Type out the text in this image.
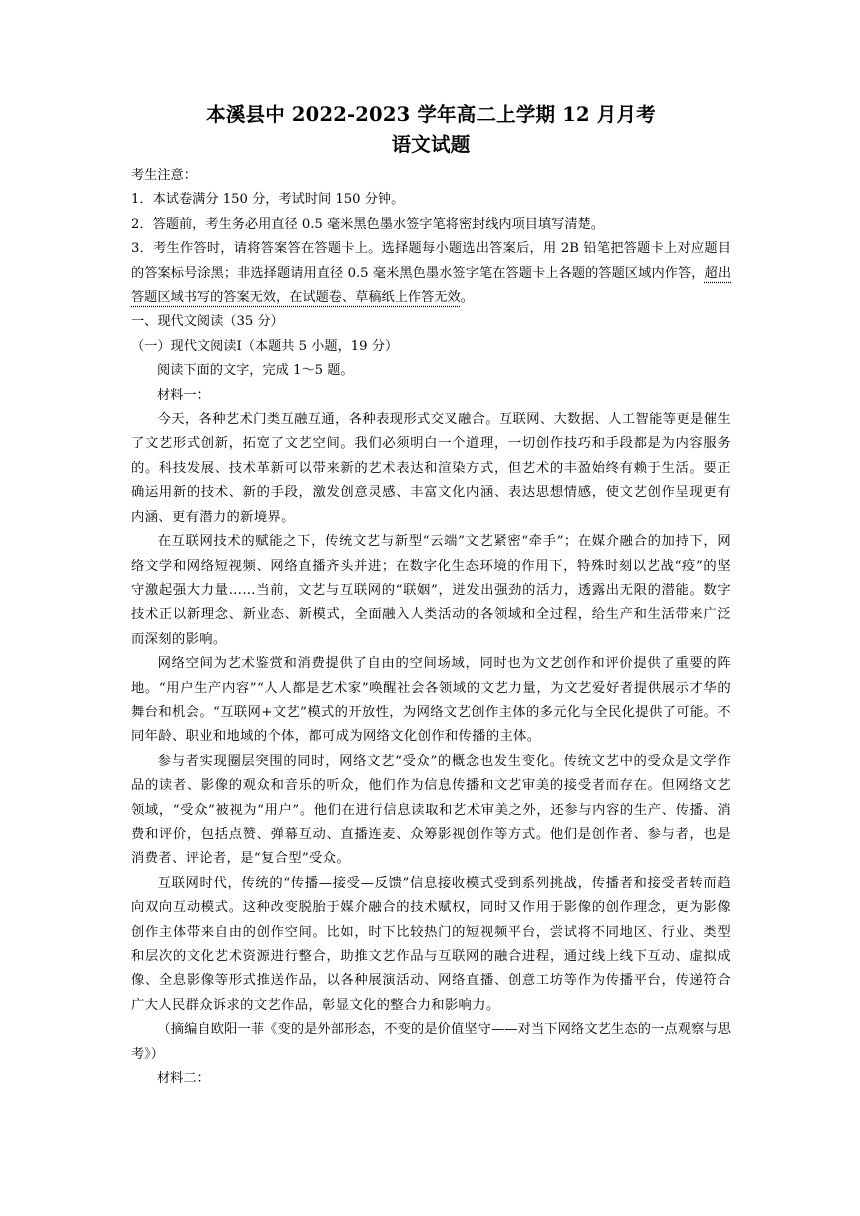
本溪县中 2022-2023 学年高二上学期 12 月月考
语文试题
考生注意：
1．本试卷满分 150 分，考试时间 150 分钟。
2．答题前，考生务必用直径 0.5 毫米黑色墨水签字笔将密封线内项目填写清楚。

3．考生作答时，请将答案答在答题卡上。选择题每小题选出答案后，用 2B 铅笔把答题卡上对应题目的答案标号涂黑；非选择题请用直径 0.5 毫米黑色墨水签字笔在答题卡上各题的答题区域内作答，超出答题区域书写的答案无效，在试题卷、草稿纸上作答无效。

一、现代文阅读（35 分）
（一）现代文阅读Ⅰ（本题共 5 小题，19 分）
阅读下面的文字，完成 1～5 题。
材料一：

今天，各种艺术门类互融互通，各种表现形式交叉融合。互联网、大数据、人工智能等更是催生了文艺形式创新，拓宽了文艺空间。我们必须明白一个道理，一切创作技巧和手段都是为内容服务的。科技发展、技术革新可以带来新的艺术表达和渲染方式，但艺术的丰盈始终有赖于生活。要正确运用新的技术、新的手段，激发创意灵感、丰富文化内涵、表达思想情感，使文艺创作呈现更有内涵、更有潜力的新境界。

在互联网技术的赋能之下，传统文艺与新型“云端”文艺紧密“牵手”；在媒介融合的加持下，网络文学和网络短视频、网络直播齐头并进；在数字化生态环境的作用下，特殊时刻以艺战“疫”的坚守激起强大力量……当前，文艺与互联网的“联姻”，迸发出强劲的活力，透露出无限的潜能。数字技术正以新理念、新业态、新模式，全面融入人类活动的各领域和全过程，给生产和生活带来广泛而深刻的影响。

网络空间为艺术鉴赏和消费提供了自由的空间场域，同时也为文艺创作和评价提供了重要的阵地。“用户生产内容”“人人都是艺术家”唤醒社会各领域的文艺力量，为文艺爱好者提供展示才华的舞台和机会。“互联网+文艺”模式的开放性，为网络文艺创作主体的多元化与全民化提供了可能。不同年龄、职业和地域的个体，都可成为网络文化创作和传播的主体。

参与者实现圈层突围的同时，网络文艺“受众”的概念也发生变化。传统文艺中的受众是文学作品的读者、影像的观众和音乐的听众，他们作为信息传播和文艺审美的接受者而存在。但网络文艺领域，“受众”被视为“用户”。他们在进行信息读取和艺术审美之外，还参与内容的生产、传播、消费和评价，包括点赞、弹幕互动、直播连麦、众筹影视创作等方式。他们是创作者、参与者，也是消费者、评论者，是“复合型”受众。

互联网时代，传统的“传播—接受—反馈”信息接收模式受到系列挑战，传播者和接受者转而趋向双向互动模式。这种改变脱胎于媒介融合的技术赋权，同时又作用于影像的创作理念，更为影像创作主体带来自由的创作空间。比如，时下比较热门的短视频平台，尝试将不同地区、行业、类型和层次的文化艺术资源进行整合，助推文艺作品与互联网的融合进程，通过线上线下互动、虚拟成像、全息影像等形式推送作品，以各种展演活动、网络直播、创意工坊等作为传播平台，传递符合广大人民群众诉求的文艺作品，彰显文化的整合力和影响力。

（摘编自欧阳一菲《变的是外部形态，不变的是价值坚守——对当下网络文艺生态的一点观察与思考》）

材料二：
